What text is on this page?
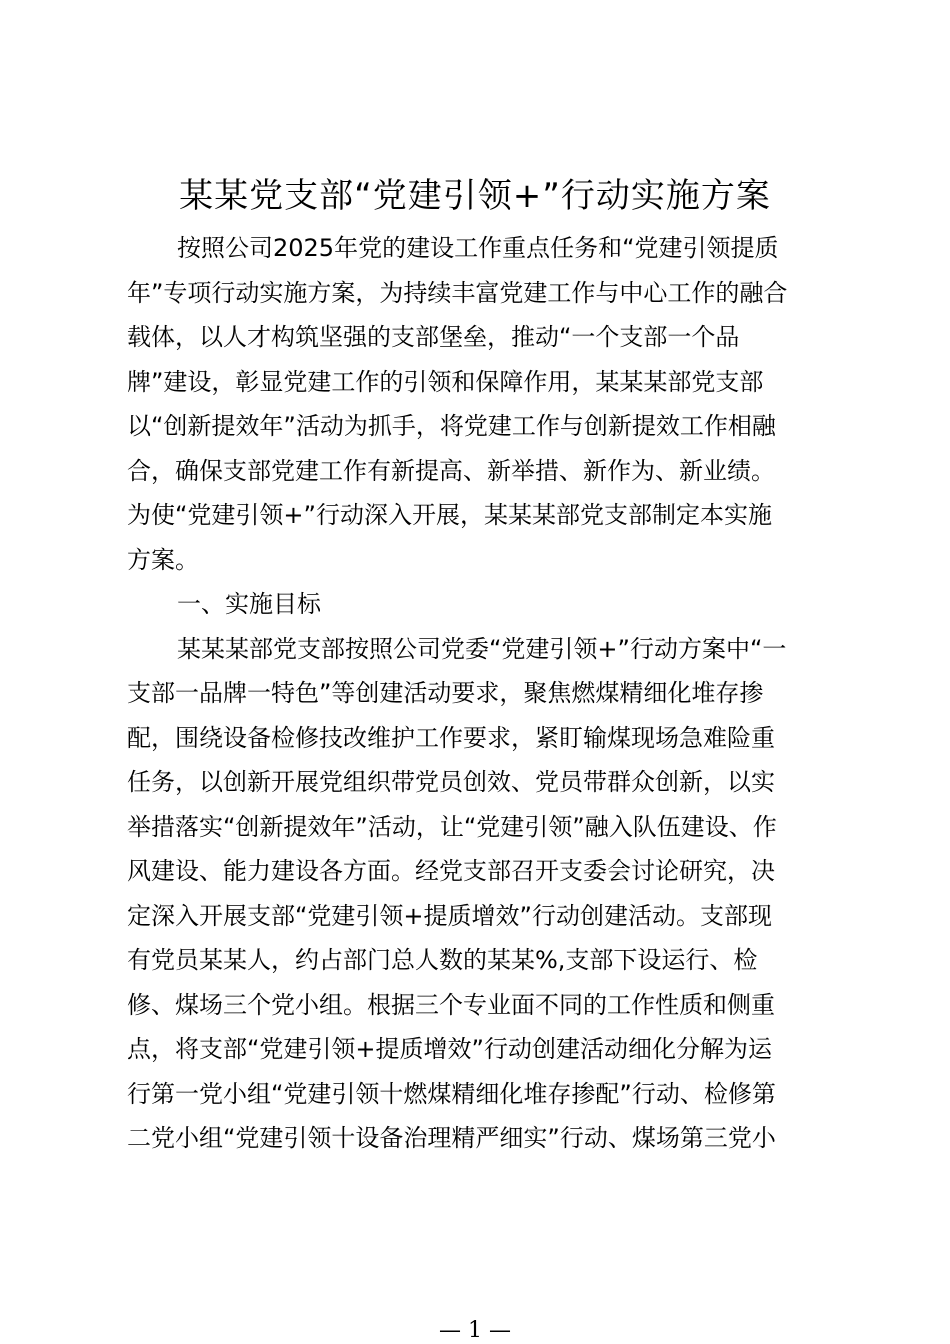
某某党支部“党建引领+”行动实施方案
按照公司2025年党的建设工作重点任务和“党建引领提质
年”专项行动实施方案，为持续丰富党建工作与中心工作的融合
载体，以人才构筑坚强的支部堡垒，推动“一个支部一个品
牌”建设，彰显党建工作的引领和保障作用，某某某部党支部
以“创新提效年”活动为抓手，将党建工作与创新提效工作相融
合，确保支部党建工作有新提高、新举措、新作为、新业绩。
为使“党建引领+”行动深入开展，某某某部党支部制定本实施
方案。
一、实施目标
某某某部党支部按照公司党委“党建引领+”行动方案中“一
支部一品牌一特色”等创建活动要求，聚焦燃煤精细化堆存掺
配，围绕设备检修技改维护工作要求，紧盯输煤现场急难险重
任务，以创新开展党组织带党员创效、党员带群众创新，以实
举措落实“创新提效年”活动，让“党建引领”融入队伍建设、作
风建设、能力建设各方面。经党支部召开支委会讨论研究，决
定深入开展支部“党建引领+提质增效”行动创建活动。支部现
有党员某某人，约占部门总人数的某某%,支部下设运行、检
修、煤场三个党小组。根据三个专业面不同的工作性质和侧重
点，将支部“党建引领+提质增效”行动创建活动细化分解为运
行第一党小组“党建引领十燃煤精细化堆存掺配”行动、检修第
二党小组“党建引领十设备治理精严细实”行动、煤场第三党小
— 1 —
